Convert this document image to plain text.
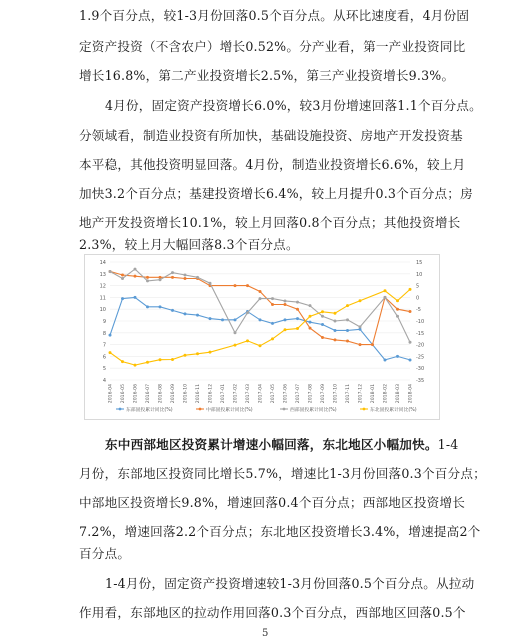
1.9个百分点，较1-3月份回落0.5个百分点。从环比速度看，4月份固
定资产投资（不含农户）增长0.52%。分产业看，第一产业投资同比
增长16.8%，第二产业投资增长2.5%，第三产业投资增长9.3%。
4月份，固定资产投资增长6.0%，较3月份增速回落1.1个百分点。
分领域看，制造业投资有所加快，基础设施投资、房地产开发投资基
本平稳，其他投资明显回落。4月份，制造业投资增长6.6%，较上月
加快3.2个百分点；基建投资增长6.4%，较上月提升0.3个百分点；房
地产开发投资增长10.1%，较上月回落0.8个百分点；其他投资增长
2.3%，较上月大幅回落8.3个百分点。
4
5
6
7
8
9
10
11
12
13
14	15
10
5
0
-5
-10
-15
-20
-25
-30
-35
2016-04 2016-05 2016-06 2016-07 2016-08 2016-09 2016-10 2016-11 2016-12 2017-01 2017-02 2017-03 2017-04 2017-05 2017-06 2017-07 2017-08 2017-09 2017-10 2017-11 2017-12 2018-01 2018-02 2018-03 2018-04
东部固投累计同比(%)	中部固投累计同比(%)	西部固投累计同比(%)	东北固投累计同比(%)
东中西部地区投资累计增速小幅回落，东北地区小幅加快。1-4
月份，东部地区投资同比增长5.7%，增速比1-3月份回落0.3个百分点；
中部地区投资增长9.8%，增速回落0.4个百分点；西部地区投资增长
7.2%，增速回落2.2个百分点；东北地区投资增长3.4%，增速提高2个
百分点。
1-4月份，固定资产投资增速较1-3月份回落0.5个百分点。从拉动
作用看，东部地区的拉动作用回落0.3个百分点，西部地区回落0.5个
5
